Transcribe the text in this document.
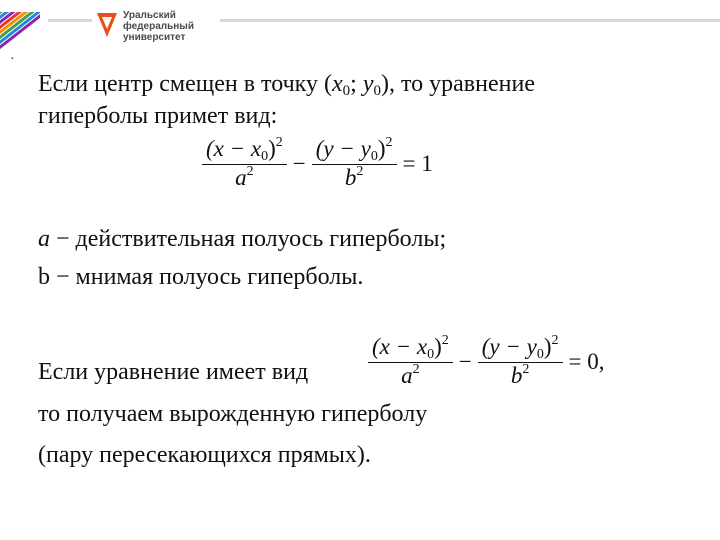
Уральский
федеральный
университет
·
Если центр смещен в точку ($x_0$; $y_0$), то уравнение
гиперболы примет вид:
$\frac{(x - x0)^2}{a^2} - \frac{(y - y0)^2}{b^2} = 1$
a − действительная полуось гиперболы;
b − мнимая полуось гиперболы.
Если уравнение имеет вид	$\frac{(x - x0)^2}{a^2} - \frac{(y - y0)^2}{b^2} = 0$,
то получаем вырожденную гиперболу
(пару пересекающихся прямых).
